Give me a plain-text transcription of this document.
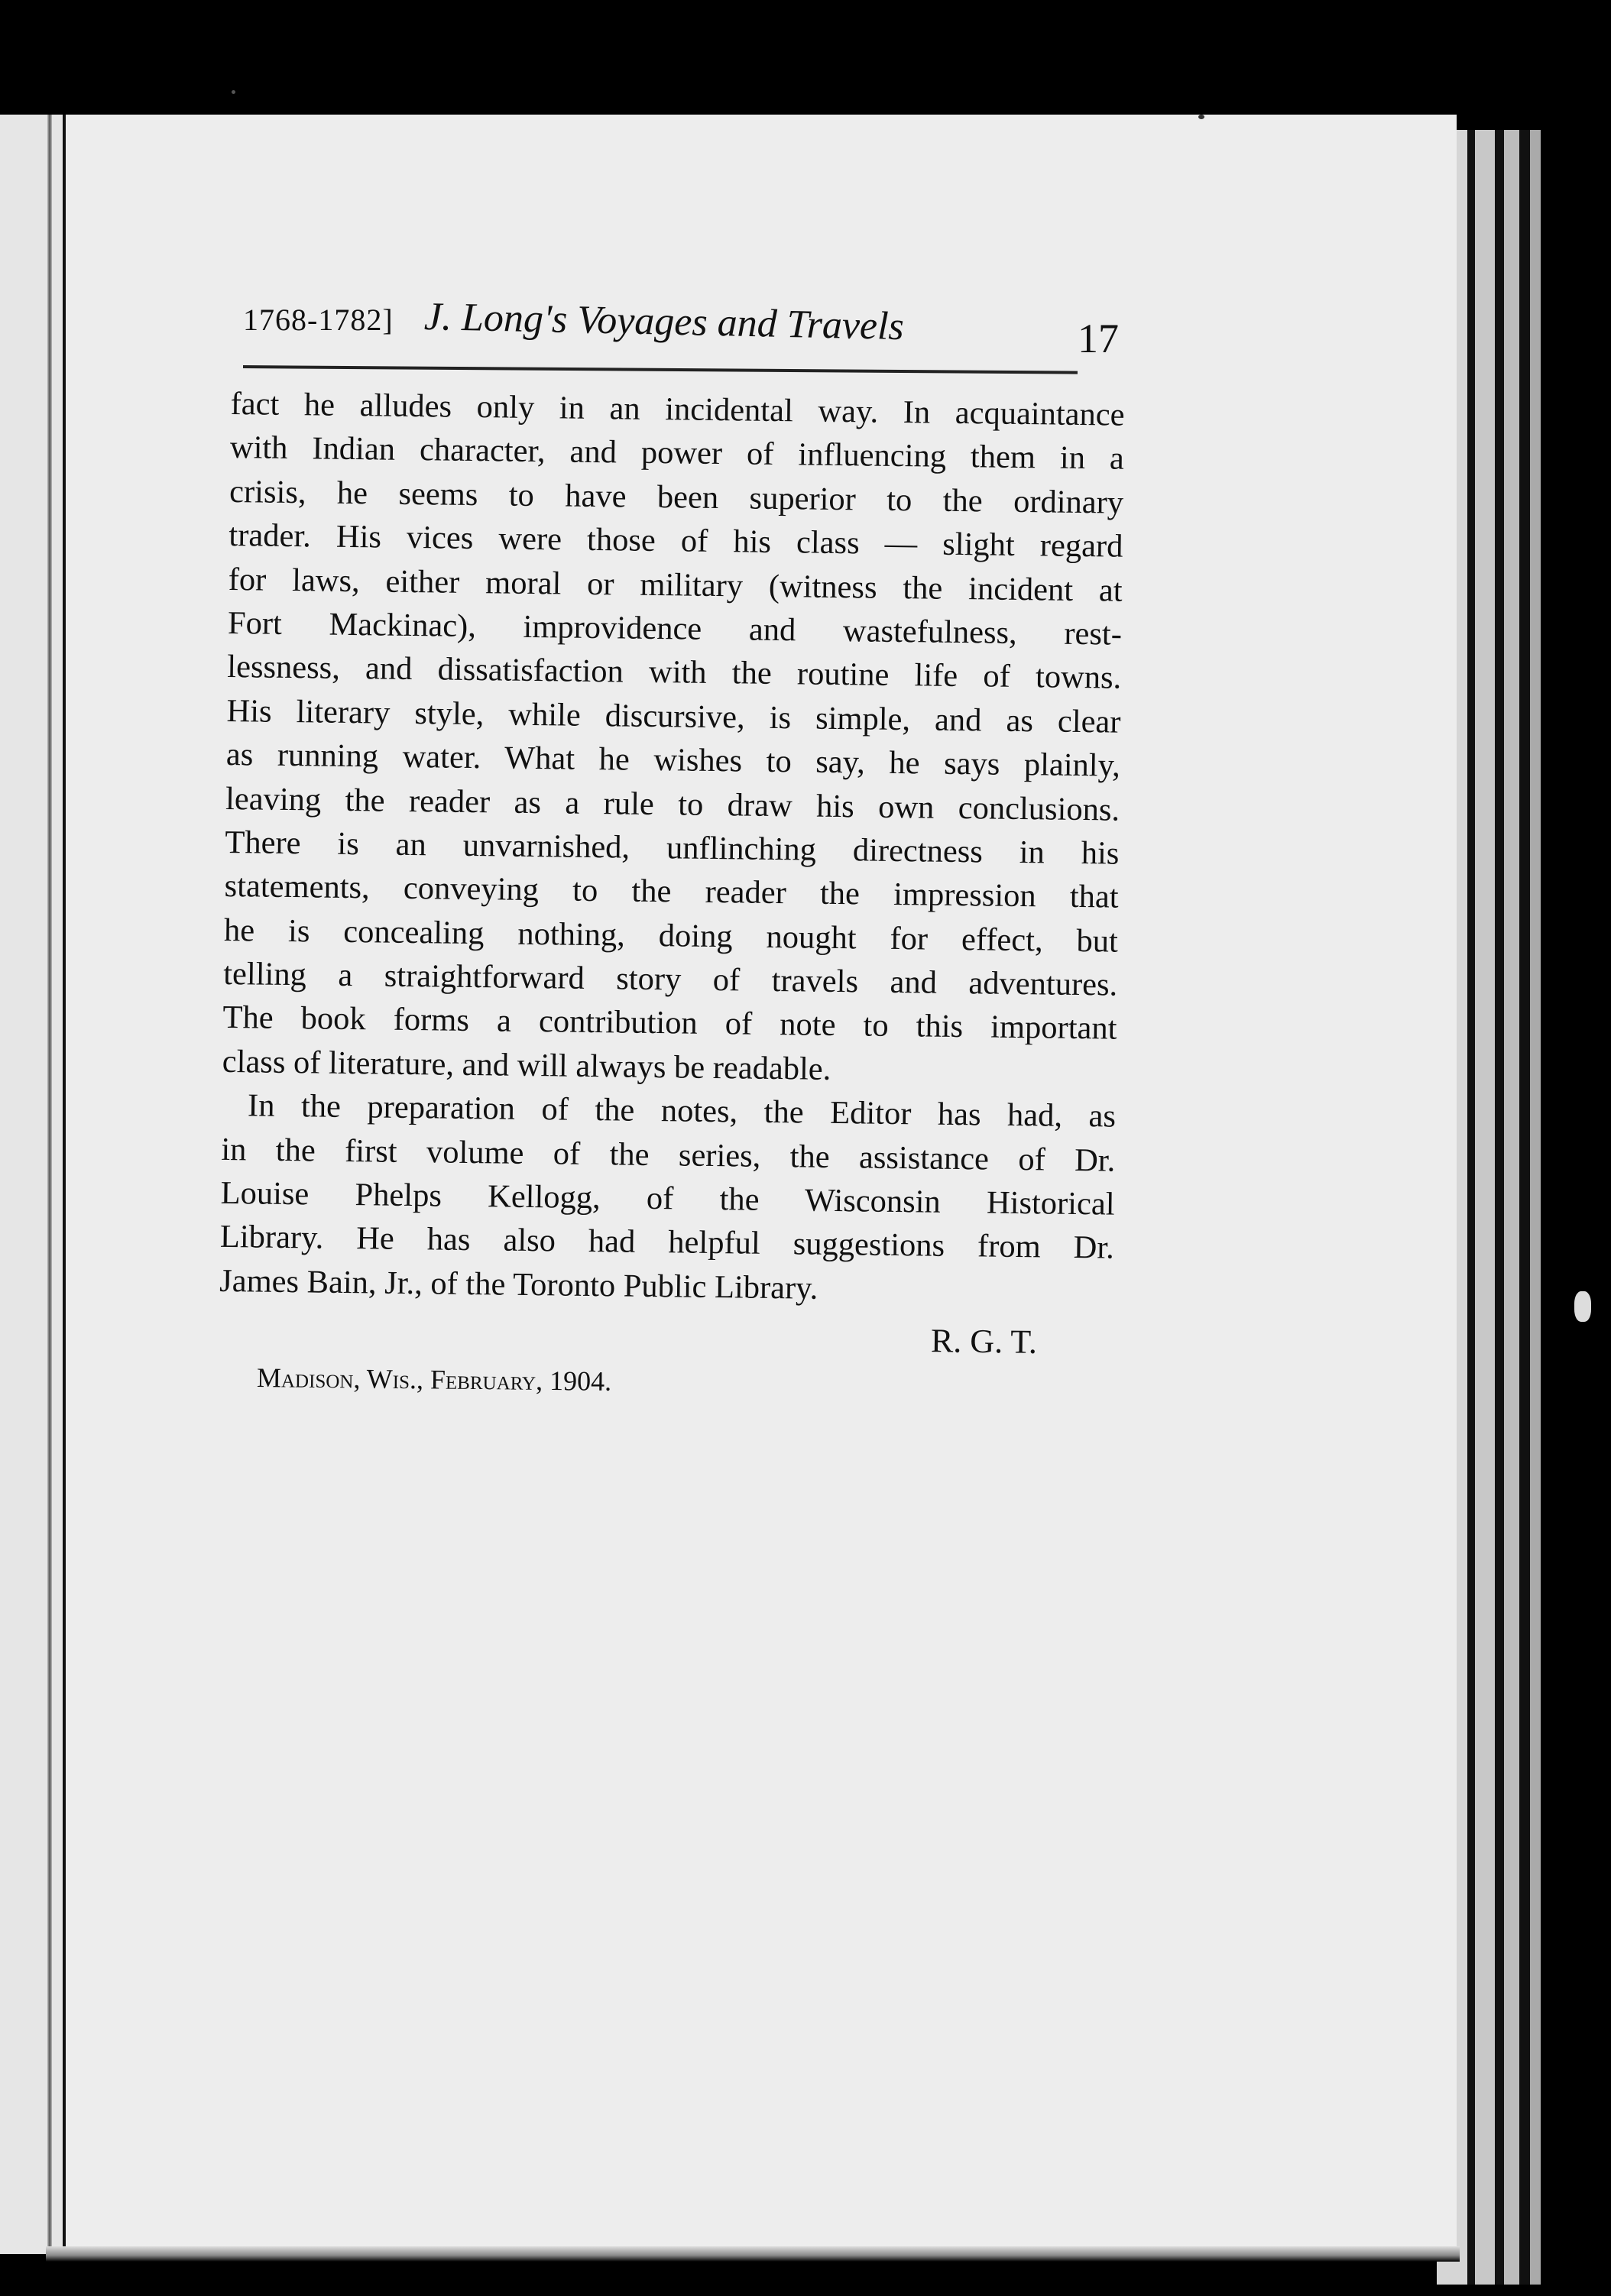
1768-1782] J. Long's Voyages and Travels	17
fact he alludes only in an incidental way. In acquaintance
with Indian character, and power of influencing them in a
crisis, he seems to have been superior to the ordinary
trader. His vices were those of his class — slight regard
for laws, either moral or military (witness the incident at
Fort Mackinac), improvidence and wastefulness, rest-
lessness, and dissatisfaction with the routine life of towns.
His literary style, while discursive, is simple, and as clear
as running water. What he wishes to say, he says plainly,
leaving the reader as a rule to draw his own conclusions.
There is an unvarnished, unflinching directness in his
statements, conveying to the reader the impression that
he is concealing nothing, doing nought for effect, but
telling a straightforward story of travels and adventures.
The book forms a contribution of note to this important
class of literature, and will always be readable.
In the preparation of the notes, the Editor has had, as
in the first volume of the series, the assistance of Dr.
Louise Phelps Kellogg, of the Wisconsin Historical
Library. He has also had helpful suggestions from Dr.
James Bain, Jr., of the Toronto Public Library.
R. G. T.
Madison, Wis., February, 1904.
